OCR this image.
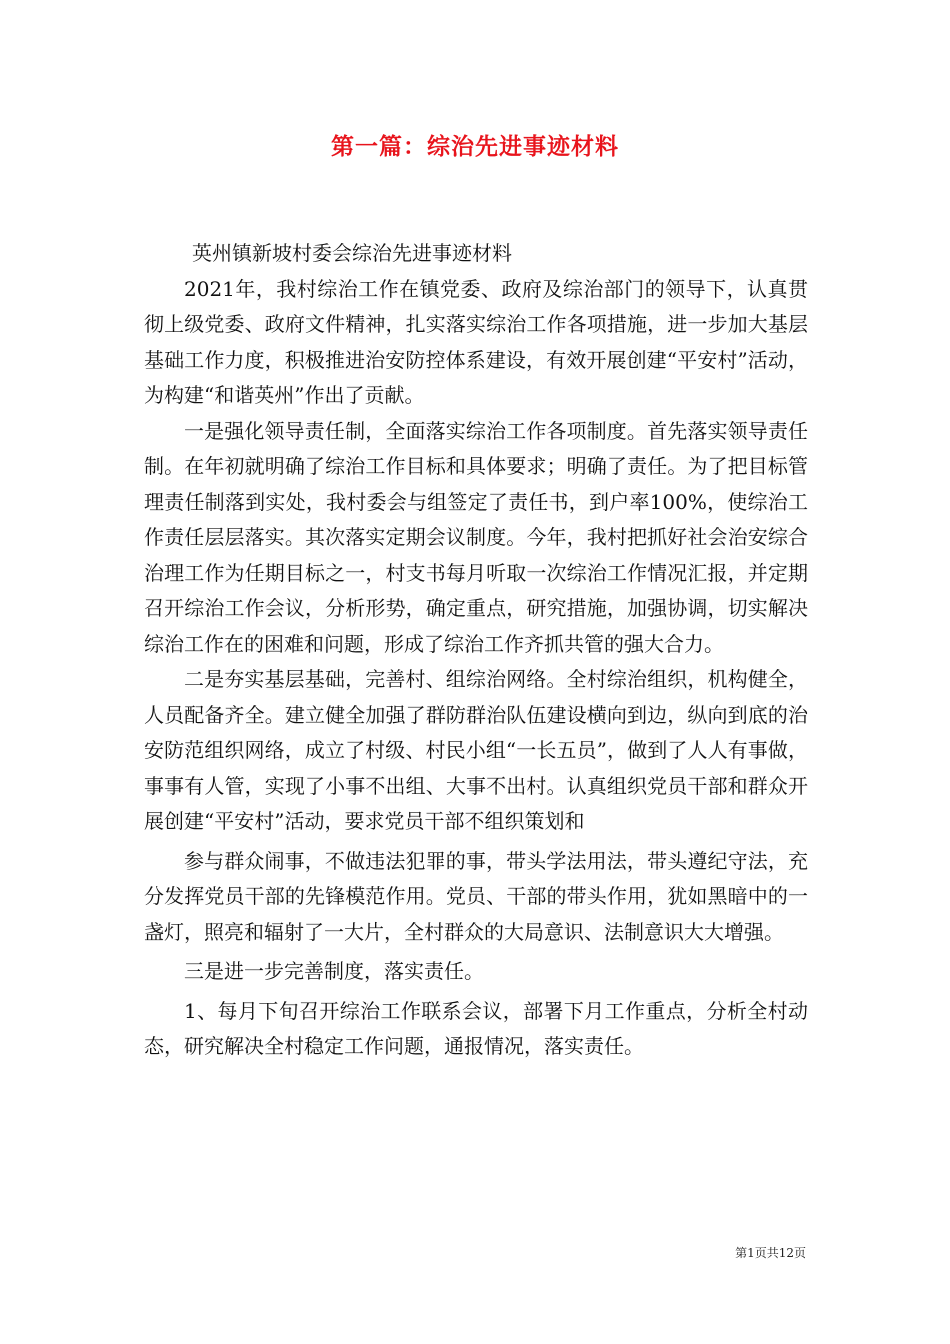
第一篇：综治先进事迹材料

英州镇新坡村委会综治先进事迹材料

2021年，我村综治工作在镇党委、政府及综治部门的领导下，认真贯彻上级党委、政府文件精神，扎实落实综治工作各项措施，进一步加大基层基础工作力度，积极推进治安防控体系建设，有效开展创建“平安村”活动，为构建“和谐英州”作出了贡献。

一是强化领导责任制，全面落实综治工作各项制度。首先落实领导责任制。在年初就明确了综治工作目标和具体要求；明确了责任。为了把目标管理责任制落到实处，我村委会与组签定了责任书，到户率100%，使综治工作责任层层落实。其次落实定期会议制度。今年，我村把抓好社会治安综合治理工作为任期目标之一，村支书每月听取一次综治工作情况汇报，并定期召开综治工作会议，分析形势，确定重点，研究措施，加强协调，切实解决综治工作在的困难和问题，形成了综治工作齐抓共管的强大合力。

二是夯实基层基础，完善村、组综治网络。全村综治组织，机构健全，人员配备齐全。建立健全加强了群防群治队伍建设横向到边，纵向到底的治安防范组织网络，成立了村级、村民小组“一长五员”，做到了人人有事做，事事有人管，实现了小事不出组、大事不出村。认真组织党员干部和群众开展创建“平安村”活动，要求党员干部不组织策划和

参与群众闹事，不做违法犯罪的事，带头学法用法，带头遵纪守法，充分发挥党员干部的先锋模范作用。党员、干部的带头作用，犹如黑暗中的一盏灯，照亮和辐射了一大片，全村群众的大局意识、法制意识大大增强。

三是进一步完善制度，落实责任。

1、每月下旬召开综治工作联系会议，部署下月工作重点，分析全村动态，研究解决全村稳定工作问题，通报情况，落实责任。

第1页共12页
